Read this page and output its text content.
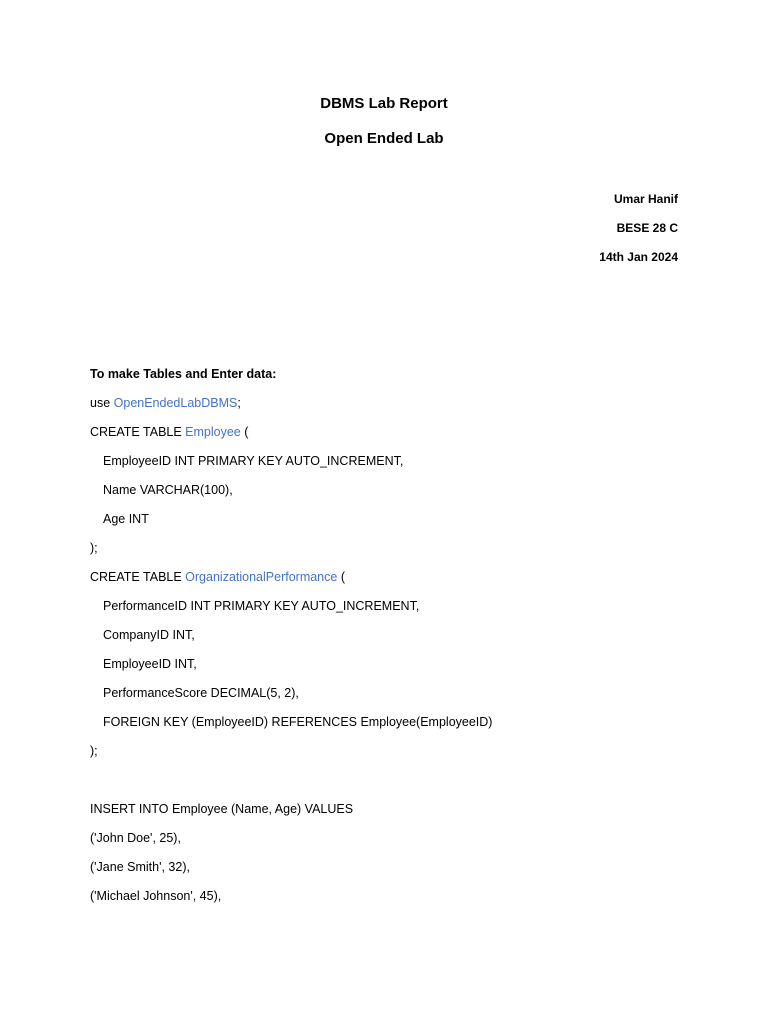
DBMS Lab Report
Open Ended Lab
Umar Hanif
BESE 28 C
14th Jan 2024
To make Tables and Enter data:
use OpenEndedLabDBMS;
CREATE TABLE Employee (
EmployeeID INT PRIMARY KEY AUTO_INCREMENT,
Name VARCHAR(100),
Age INT
);
CREATE TABLE OrganizationalPerformance (
PerformanceID INT PRIMARY KEY AUTO_INCREMENT,
CompanyID INT,
EmployeeID INT,
PerformanceScore DECIMAL(5, 2),
FOREIGN KEY (EmployeeID) REFERENCES Employee(EmployeeID)
);
INSERT INTO Employee (Name, Age) VALUES
('John Doe', 25),
('Jane Smith', 32),
('Michael Johnson', 45),
